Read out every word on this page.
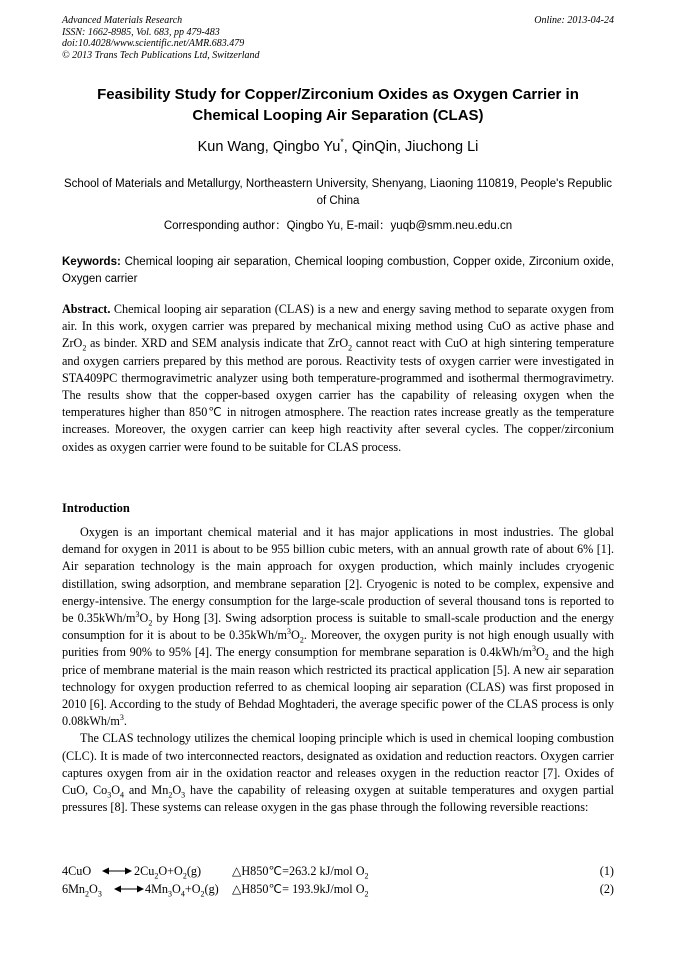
Advanced Materials Research
ISSN: 1662-8985, Vol. 683, pp 479-483
doi:10.4028/www.scientific.net/AMR.683.479
© 2013 Trans Tech Publications Ltd, Switzerland
Online: 2013-04-24
Feasibility Study for Copper/Zirconium Oxides as Oxygen Carrier in
Chemical Looping Air Separation (CLAS)
Kun Wang, Qingbo Yu*, QinQin, Jiuchong Li
School of Materials and Metallurgy, Northeastern University, Shenyang, Liaoning 110819, People's Republic of China
Corresponding author：Qingbo Yu, E-mail：yuqb@smm.neu.edu.cn
Keywords: Chemical looping air separation, Chemical looping combustion, Copper oxide, Zirconium oxide, Oxygen carrier
Abstract. Chemical looping air separation (CLAS) is a new and energy saving method to separate oxygen from air. In this work, oxygen carrier was prepared by mechanical mixing method using CuO as active phase and ZrO$_2$ as binder. XRD and SEM analysis indicate that ZrO$_2$ cannot react with CuO at high sintering temperature and oxygen carriers prepared by this method are porous. Reactivity tests of oxygen carrier were investigated in STA409PC thermogravimetric analyzer using both temperature-programmed and isothermal thermogravimetry. The results show that the copper-based oxygen carrier has the capability of releasing oxygen when the temperatures higher than 850℃ in nitrogen atmosphere. The reaction rates increase greatly as the temperature increases. Moreover, the oxygen carrier can keep high reactivity after several cycles. The copper/zirconium oxides as oxygen carrier were found to be suitable for CLAS process.
Introduction

Oxygen is an important chemical material and it has major applications in most industries. The global demand for oxygen in 2011 is about to be 955 billion cubic meters, with an annual growth rate of about 6% [1]. Air separation technology is the main approach for oxygen production, which mainly includes cryogenic distillation, swing adsorption, and membrane separation [2]. Cryogenic is noted to be complex, expensive and energy-intensive. The energy consumption for the large-scale production of several thousand tons is reported to be $0.35kWh/m^3O_2$ by Hong [3]. Swing adsorption process is suitable to small-scale production and the energy consumption for it is about to be $0.35kWh/m^3O_2$. Moreover, the oxygen purity is not high enough usually with purities from 90% to 95% [4]. The energy consumption for membrane separation is $0.4kWh/m^3O_2$ and the high price of membrane material is the main reason which restricted its practical application [5]. A new air separation technology for oxygen production referred to as chemical looping air separation (CLAS) was first proposed in 2010 [6]. According to the study of Behdad Moghtaderi, the average specific power of the CLAS process is only $0.08kWh/m^3$.

The CLAS technology utilizes the chemical looping principle which is used in chemical looping combustion (CLC). It is made of two interconnected reactors, designated as oxidation and reduction reactors. Oxygen carrier captures oxygen from air in the oxidation reactor and releases oxygen in the reduction reactor [7]. Oxides of CuO, $Co_3O_4$ and $Mn_2O_3$ have the capability of releasing oxygen at suitable temperatures and oxygen partial pressures [8]. These systems can release oxygen in the gas phase through the following reversible reactions:

4CuO	$2Cu_2O+O_2(g)$	△H850℃=263.2 kJ/mol $O_2$	(1)
$6Mn_2O_3$	$4Mn_3O_4+O_2(g)$ △H850℃= 193.9kJ/mol $O_2$	(2)
